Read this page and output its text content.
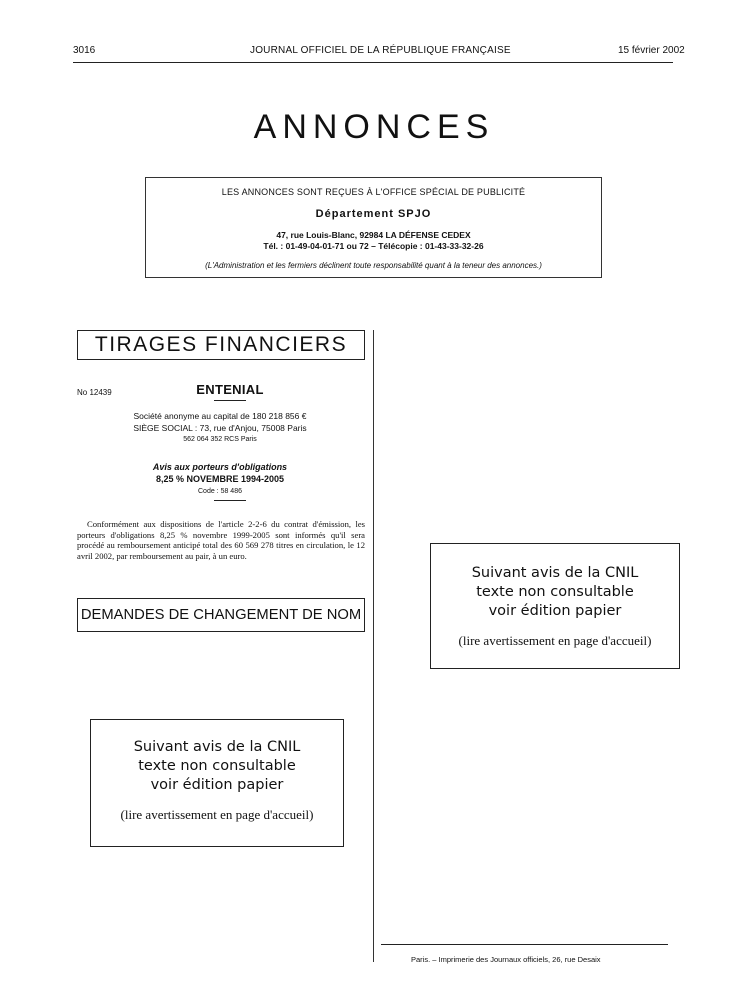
3016	JOURNAL OFFICIEL DE LA RÉPUBLIQUE FRANÇAISE	15 février 2002
ANNONCES
LES ANNONCES SONT REÇUES À L'OFFICE SPÉCIAL DE PUBLICITÉ
Département SPJO
47, rue Louis-Blanc, 92984 LA DÉFENSE CEDEX
Tél. : 01-49-04-01-71 ou 72 – Télécopie : 01-43-33-32-26
(L'Administration et les fermiers déclinent toute responsabilité quant à la teneur des annonces.)
TIRAGES FINANCIERS
No 12439	ENTENIAL
Société anonyme au capital de 180 218 856 €
SIÈGE SOCIAL : 73, rue d'Anjou, 75008 Paris
562 064 352 RCS Paris
Avis aux porteurs d'obligations
8,25 % NOVEMBRE 1994-2005
Code : 58 486
Conformément aux dispositions de l'article 2-2-6 du contrat d'émission, les porteurs d'obligations 8,25 % novembre 1999-2005 sont informés qu'il sera procédé au remboursement anticipé total des 60 569 278 titres en circulation, le 12 avril 2002, par remboursement au pair, à un euro.
DEMANDES DE CHANGEMENT DE NOM
Suivant avis de la CNIL
texte non consultable
voir édition papier
(lire avertissement en page d'accueil)
Suivant avis de la CNIL
texte non consultable
voir édition papier
(lire avertissement en page d'accueil)
Paris. – Imprimerie des Journaux officiels, 26, rue Desaix
